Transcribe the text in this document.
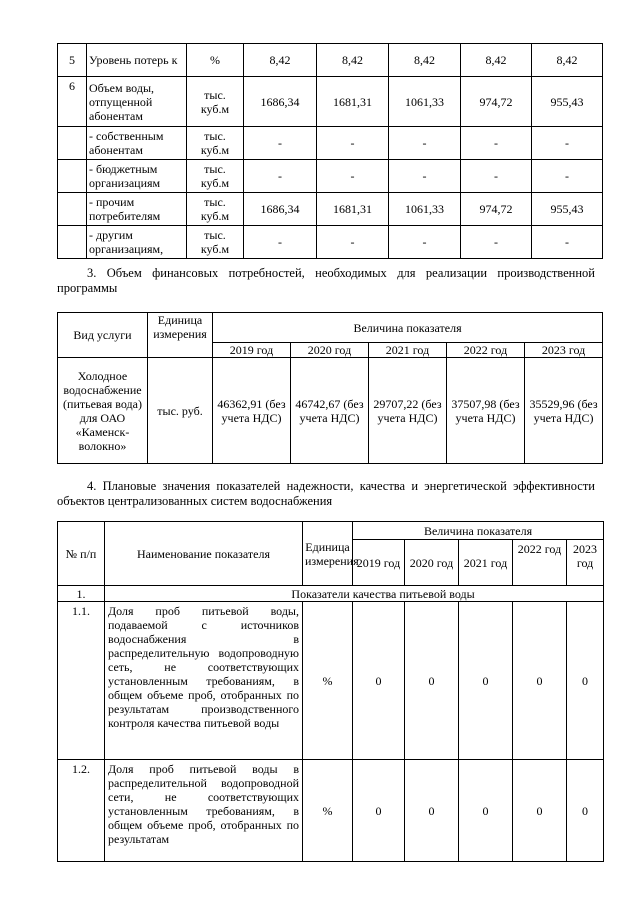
5	Уровень потерь к	%	8,42	8,42	8,42	8,42	8,42
6	Объем воды, отпущенной абонентам	тыс. куб.м	1686,34	1681,31	1061,33	974,72	955,43
	- собственным абонентам	тыс. куб.м	-	-	-	-	-
	- бюджетным организациям	тыс. куб.м	-	-	-	-	-
	- прочим потребителям	тыс. куб.м	1686,34	1681,31	1061,33	974,72	955,43
	- другим организациям,	тыс. куб.м	-	-	-	-	-
3. Объем финансовых потребностей, необходимых для реализации производственной
программы
Вид услуги	Единица измерения	Величина показателя				
		2019 год	2020 год	2021 год	2022 год	2023 год
Холодное водоснабжение (питьевая вода) для ОАО «Каменск-волокно»	тыс. руб.	46362,91 (без учета НДС)	46742,67 (без учета НДС)	29707,22 (без учета НДС)	37507,98 (без учета НДС)	35529,96 (без учета НДС)
4. Плановые значения показателей надежности, качества и энергетической эффективности
объектов централизованных систем водоснабжения
№ п/п	Наименование показателя	Единица измерения	Величина показателя				
			2019 год	2020 год	2021 год	2022 год	2023 год
1.	Показатели качества питьевой воды						
1.1.	Доля проб питьевой воды, подаваемой с источников водоснабжения в распределительную водопроводную сеть, не соответствующих установленным требованиям, в общем объеме проб, отобранных по результатам производственного контроля качества питьевой воды	%	0	0	0	0	0
1.2.	Доля проб питьевой воды в распределительной водопроводной сети, не соответствующих установленным требованиям, в общем объеме проб, отобранных по результатам	%	0	0	0	0	0
